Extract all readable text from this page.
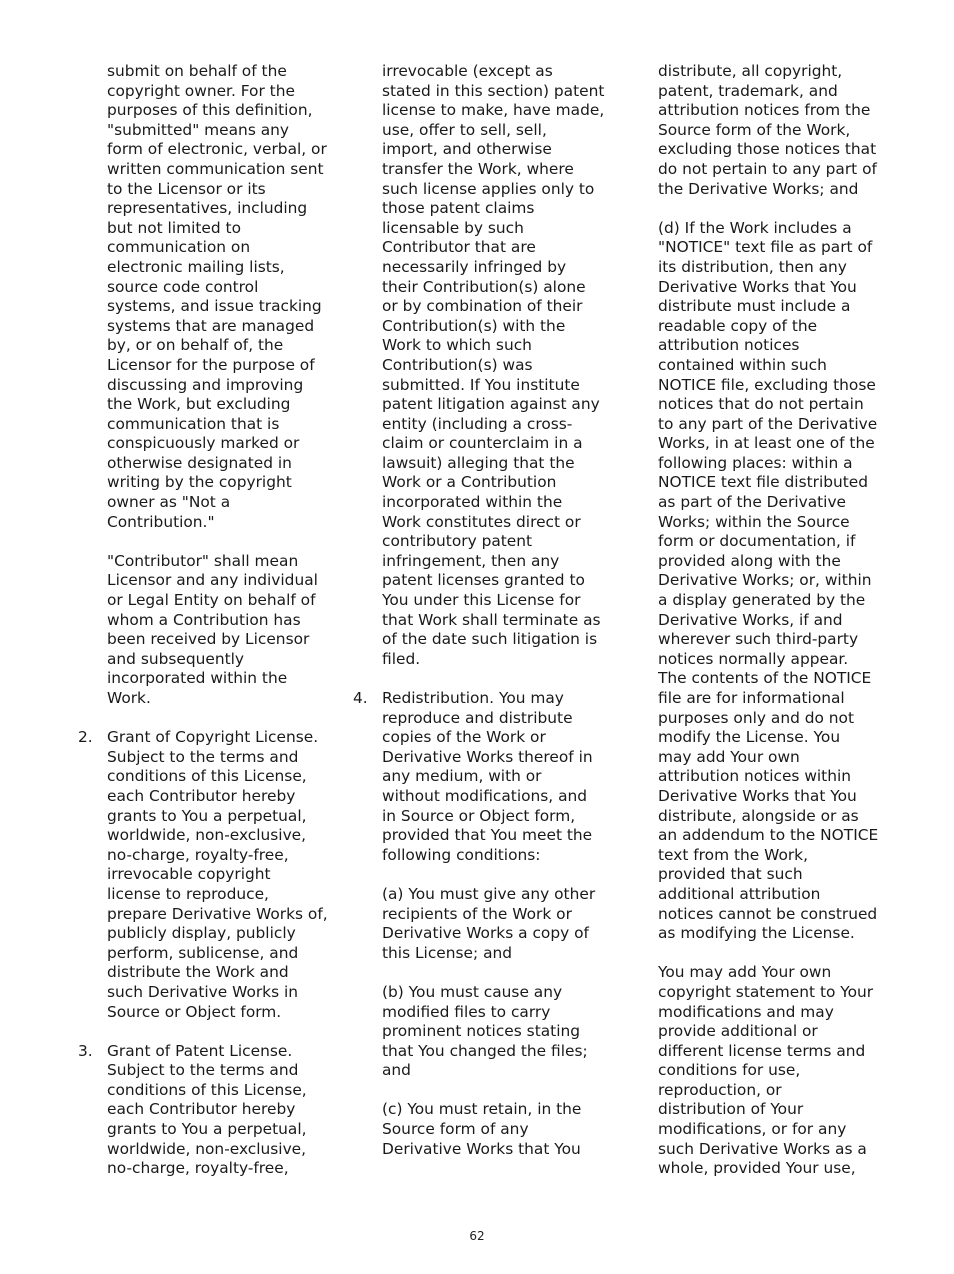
submit on behalf of the
copyright owner. For the
purposes of this definition,
"submitted" means any
form of electronic, verbal, or
written communication sent
to the Licensor or its
representatives, including
but not limited to
communication on
electronic mailing lists,
source code control
systems, and issue tracking
systems that are managed
by, or on behalf of, the
Licensor for the purpose of
discussing and improving
the Work, but excluding
communication that is
conspicuously marked or
otherwise designated in
writing by the copyright
owner as "Not a
Contribution."
"Contributor" shall mean
Licensor and any individual
or Legal Entity on behalf of
whom a Contribution has
been received by Licensor
and subsequently
incorporated within the
Work.
2. Grant of Copyright License.
Subject to the terms and
conditions of this License,
each Contributor hereby
grants to You a perpetual,
worldwide, non-exclusive,
no-charge, royalty-free,
irrevocable copyright
license to reproduce,
prepare Derivative Works of,
publicly display, publicly
perform, sublicense, and
distribute the Work and
such Derivative Works in
Source or Object form.
3. Grant of Patent License.
Subject to the terms and
conditions of this License,
each Contributor hereby
grants to You a perpetual,
worldwide, non-exclusive,
no-charge, royalty-free,
irrevocable (except as
stated in this section) patent
license to make, have made,
use, offer to sell, sell,
import, and otherwise
transfer the Work, where
such license applies only to
those patent claims
licensable by such
Contributor that are
necessarily infringed by
their Contribution(s) alone
or by combination of their
Contribution(s) with the
Work to which such
Contribution(s) was
submitted. If You institute
patent litigation against any
entity (including a cross-
claim or counterclaim in a
lawsuit) alleging that the
Work or a Contribution
incorporated within the
Work constitutes direct or
contributory patent
infringement, then any
patent licenses granted to
You under this License for
that Work shall terminate as
of the date such litigation is
filed.
4. Redistribution. You may
reproduce and distribute
copies of the Work or
Derivative Works thereof in
any medium, with or
without modifications, and
in Source or Object form,
provided that You meet the
following conditions:
(a) You must give any other
recipients of the Work or
Derivative Works a copy of
this License; and
(b) You must cause any
modified files to carry
prominent notices stating
that You changed the files;
and
(c) You must retain, in the
Source form of any
Derivative Works that You
distribute, all copyright,
patent, trademark, and
attribution notices from the
Source form of the Work,
excluding those notices that
do not pertain to any part of
the Derivative Works; and
(d) If the Work includes a
"NOTICE" text file as part of
its distribution, then any
Derivative Works that You
distribute must include a
readable copy of the
attribution notices
contained within such
NOTICE file, excluding those
notices that do not pertain
to any part of the Derivative
Works, in at least one of the
following places: within a
NOTICE text file distributed
as part of the Derivative
Works; within the Source
form or documentation, if
provided along with the
Derivative Works; or, within
a display generated by the
Derivative Works, if and
wherever such third-party
notices normally appear.
The contents of the NOTICE
file are for informational
purposes only and do not
modify the License. You
may add Your own
attribution notices within
Derivative Works that You
distribute, alongside or as
an addendum to the NOTICE
text from the Work,
provided that such
additional attribution
notices cannot be construed
as modifying the License.
You may add Your own
copyright statement to Your
modifications and may
provide additional or
different license terms and
conditions for use,
reproduction, or
distribution of Your
modifications, or for any
such Derivative Works as a
whole, provided Your use,
62
